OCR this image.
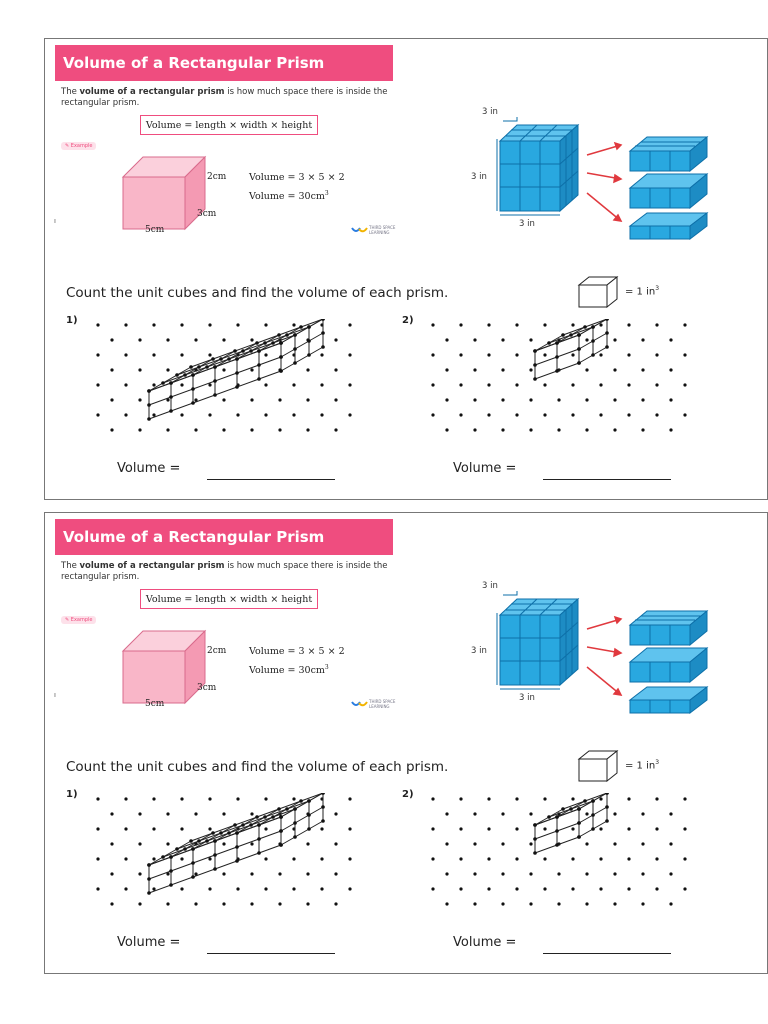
Volume of a Rectangular Prism
The volume of a rectangular prism is how much space there is inside the rectangular prism.
Volume = length × width × height
✎ Example
2cm
3cm
5cm
Volume = 3 × 5 × 2
Volume = $30cm^3$
ı
THIRD SPACE LEARNING
3 in
3 in
3 in
Count the unit cubes and find the volume of each prism.	= 1 $in^3$
1)	2)
Volume =	Volume =
Volume of a Rectangular Prism
The volume of a rectangular prism is how much space there is inside the rectangular prism.
Volume = length × width × height
✎ Example
2cm
3cm
5cm
Volume = 3 × 5 × 2
Volume = $30cm^3$
ı
THIRD SPACE LEARNING
3 in
3 in
3 in
Count the unit cubes and find the volume of each prism.	= 1 $in^3$
1)	2)
Volume =	Volume =
